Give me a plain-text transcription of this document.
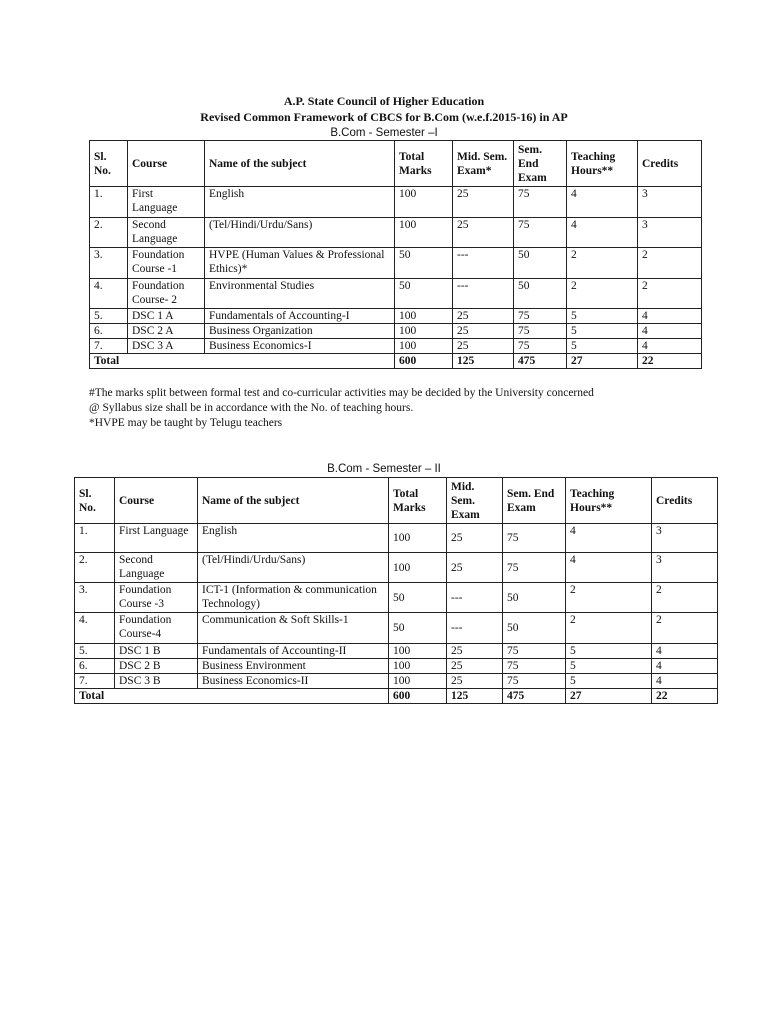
A.P. State Council of Higher Education
Revised Common Framework of CBCS for B.Com (w.e.f.2015-16) in AP
B.Com - Semester –I
Sl. No.	Course	Name of the subject	Total Marks	Mid. Sem. Exam*	Sem. End Exam	Teaching Hours**	Credits
1.	First Language	English	100	25	75	4	3
2.	Second Language	(Tel/Hindi/Urdu/Sans)	100	25	75	4	3
3.	Foundation Course -1	HVPE (Human Values & Professional Ethics)*	50	---	50	2	2
4.	Foundation Course- 2	Environmental Studies	50	---	50	2	2
5.	DSC 1 A	Fundamentals of Accounting-I	100	25	75	5	4
6.	DSC 2 A	Business Organization	100	25	75	5	4
7.	DSC 3 A	Business Economics-I	100	25	75	5	4
Total			600	125	475	27	22
#The marks split between formal test and co-curricular activities may be decided by the University concerned
@ Syllabus size shall be in accordance with the No. of teaching hours.
*HVPE may be taught by Telugu teachers
B.Com - Semester – II
Sl. No.	Course	Name of the subject	Total Marks	Mid. Sem. Exam	Sem. End Exam	Teaching Hours**	Credits
1.	First Language	English	100	25	75	4	3
2.	Second Language	(Tel/Hindi/Urdu/Sans)	100	25	75	4	3
3.	Foundation Course -3	ICT-1 (Information & communication Technology)	50	---	50	2	2
4.	Foundation Course-4	Communication & Soft Skills-1	50	---	50	2	2
5.	DSC 1 B	Fundamentals of Accounting-II	100	25	75	5	4
6.	DSC 2 B	Business Environment	100	25	75	5	4
7.	DSC 3 B	Business Economics-II	100	25	75	5	4
Total			600	125	475	27	22
